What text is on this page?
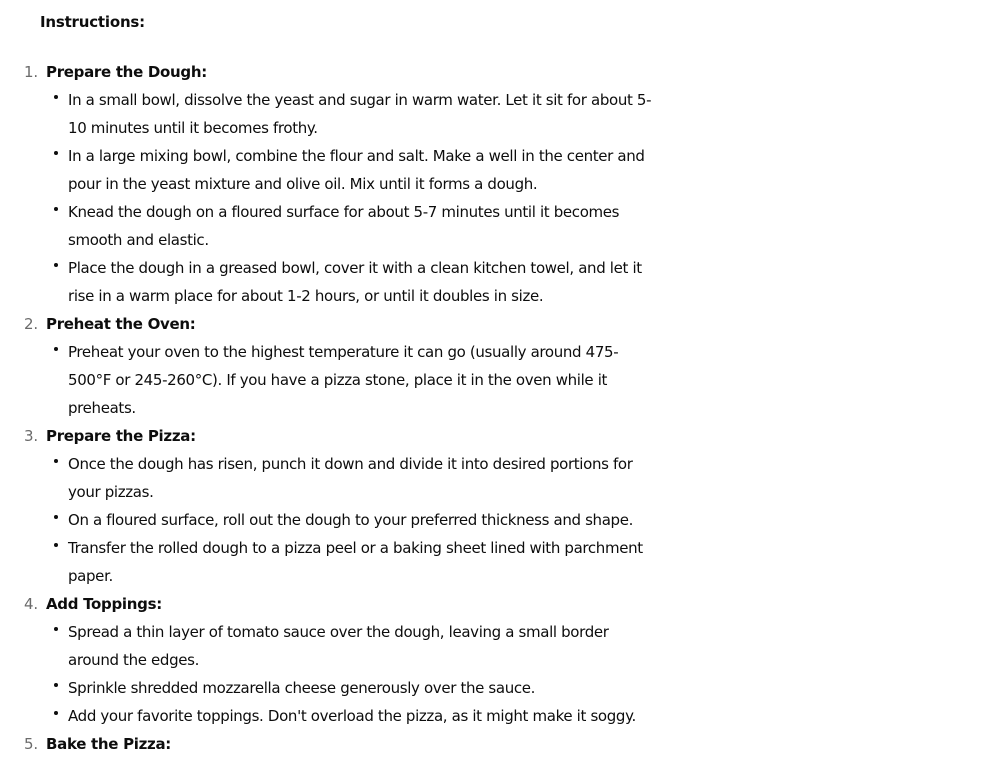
Instructions:
1. Prepare the Dough:
In a small bowl, dissolve the yeast and sugar in warm water. Let it sit for about 5-10 minutes until it becomes frothy.
In a large mixing bowl, combine the flour and salt. Make a well in the center and pour in the yeast mixture and olive oil. Mix until it forms a dough.
Knead the dough on a floured surface for about 5-7 minutes until it becomes smooth and elastic.
Place the dough in a greased bowl, cover it with a clean kitchen towel, and let it rise in a warm place for about 1-2 hours, or until it doubles in size.
2. Preheat the Oven:
Preheat your oven to the highest temperature it can go (usually around 475-500°F or 245-260°C). If you have a pizza stone, place it in the oven while it preheats.
3. Prepare the Pizza:
Once the dough has risen, punch it down and divide it into desired portions for your pizzas.
On a floured surface, roll out the dough to your preferred thickness and shape.
Transfer the rolled dough to a pizza peel or a baking sheet lined with parchment paper.
4. Add Toppings:
Spread a thin layer of tomato sauce over the dough, leaving a small border around the edges.
Sprinkle shredded mozzarella cheese generously over the sauce.
Add your favorite toppings. Don't overload the pizza, as it might make it soggy.
5. Bake the Pizza:
